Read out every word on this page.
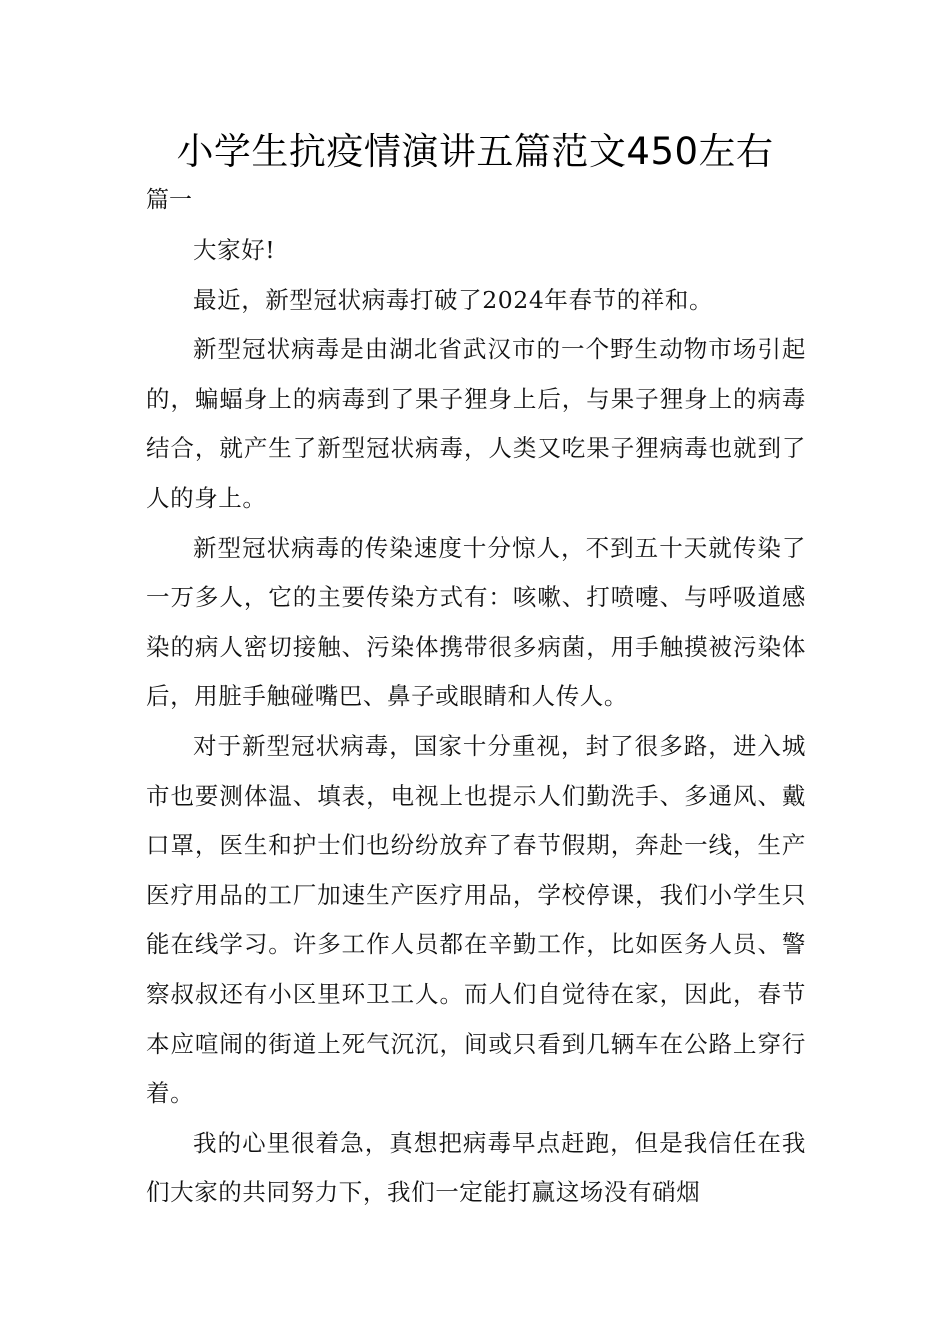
小学生抗疫情演讲五篇范文450左右
篇一

大家好!

最近，新型冠状病毒打破了2024年春节的祥和。

新型冠状病毒是由湖北省武汉市的一个野生动物市场引起的，蝙蝠身上的病毒到了果子狸身上后，与果子狸身上的病毒结合，就产生了新型冠状病毒，人类又吃果子狸病毒也就到了人的身上。

新型冠状病毒的传染速度十分惊人，不到五十天就传染了一万多人，它的主要传染方式有：咳嗽、打喷嚏、与呼吸道感染的病人密切接触、污染体携带很多病菌，用手触摸被污染体后，用脏手触碰嘴巴、鼻子或眼睛和人传人。

对于新型冠状病毒，国家十分重视，封了很多路，进入城市也要测体温、填表，电视上也提示人们勤洗手、多通风、戴口罩，医生和护士们也纷纷放弃了春节假期，奔赴一线，生产医疗用品的工厂加速生产医疗用品，学校停课，我们小学生只能在线学习。许多工作人员都在辛勤工作，比如医务人员、警察叔叔还有小区里环卫工人。而人们自觉待在家，因此，春节本应喧闹的街道上死气沉沉，间或只看到几辆车在公路上穿行着。

我的心里很着急，真想把病毒早点赶跑，但是我信任在我们大家的共同努力下，我们一定能打赢这场没有硝烟
